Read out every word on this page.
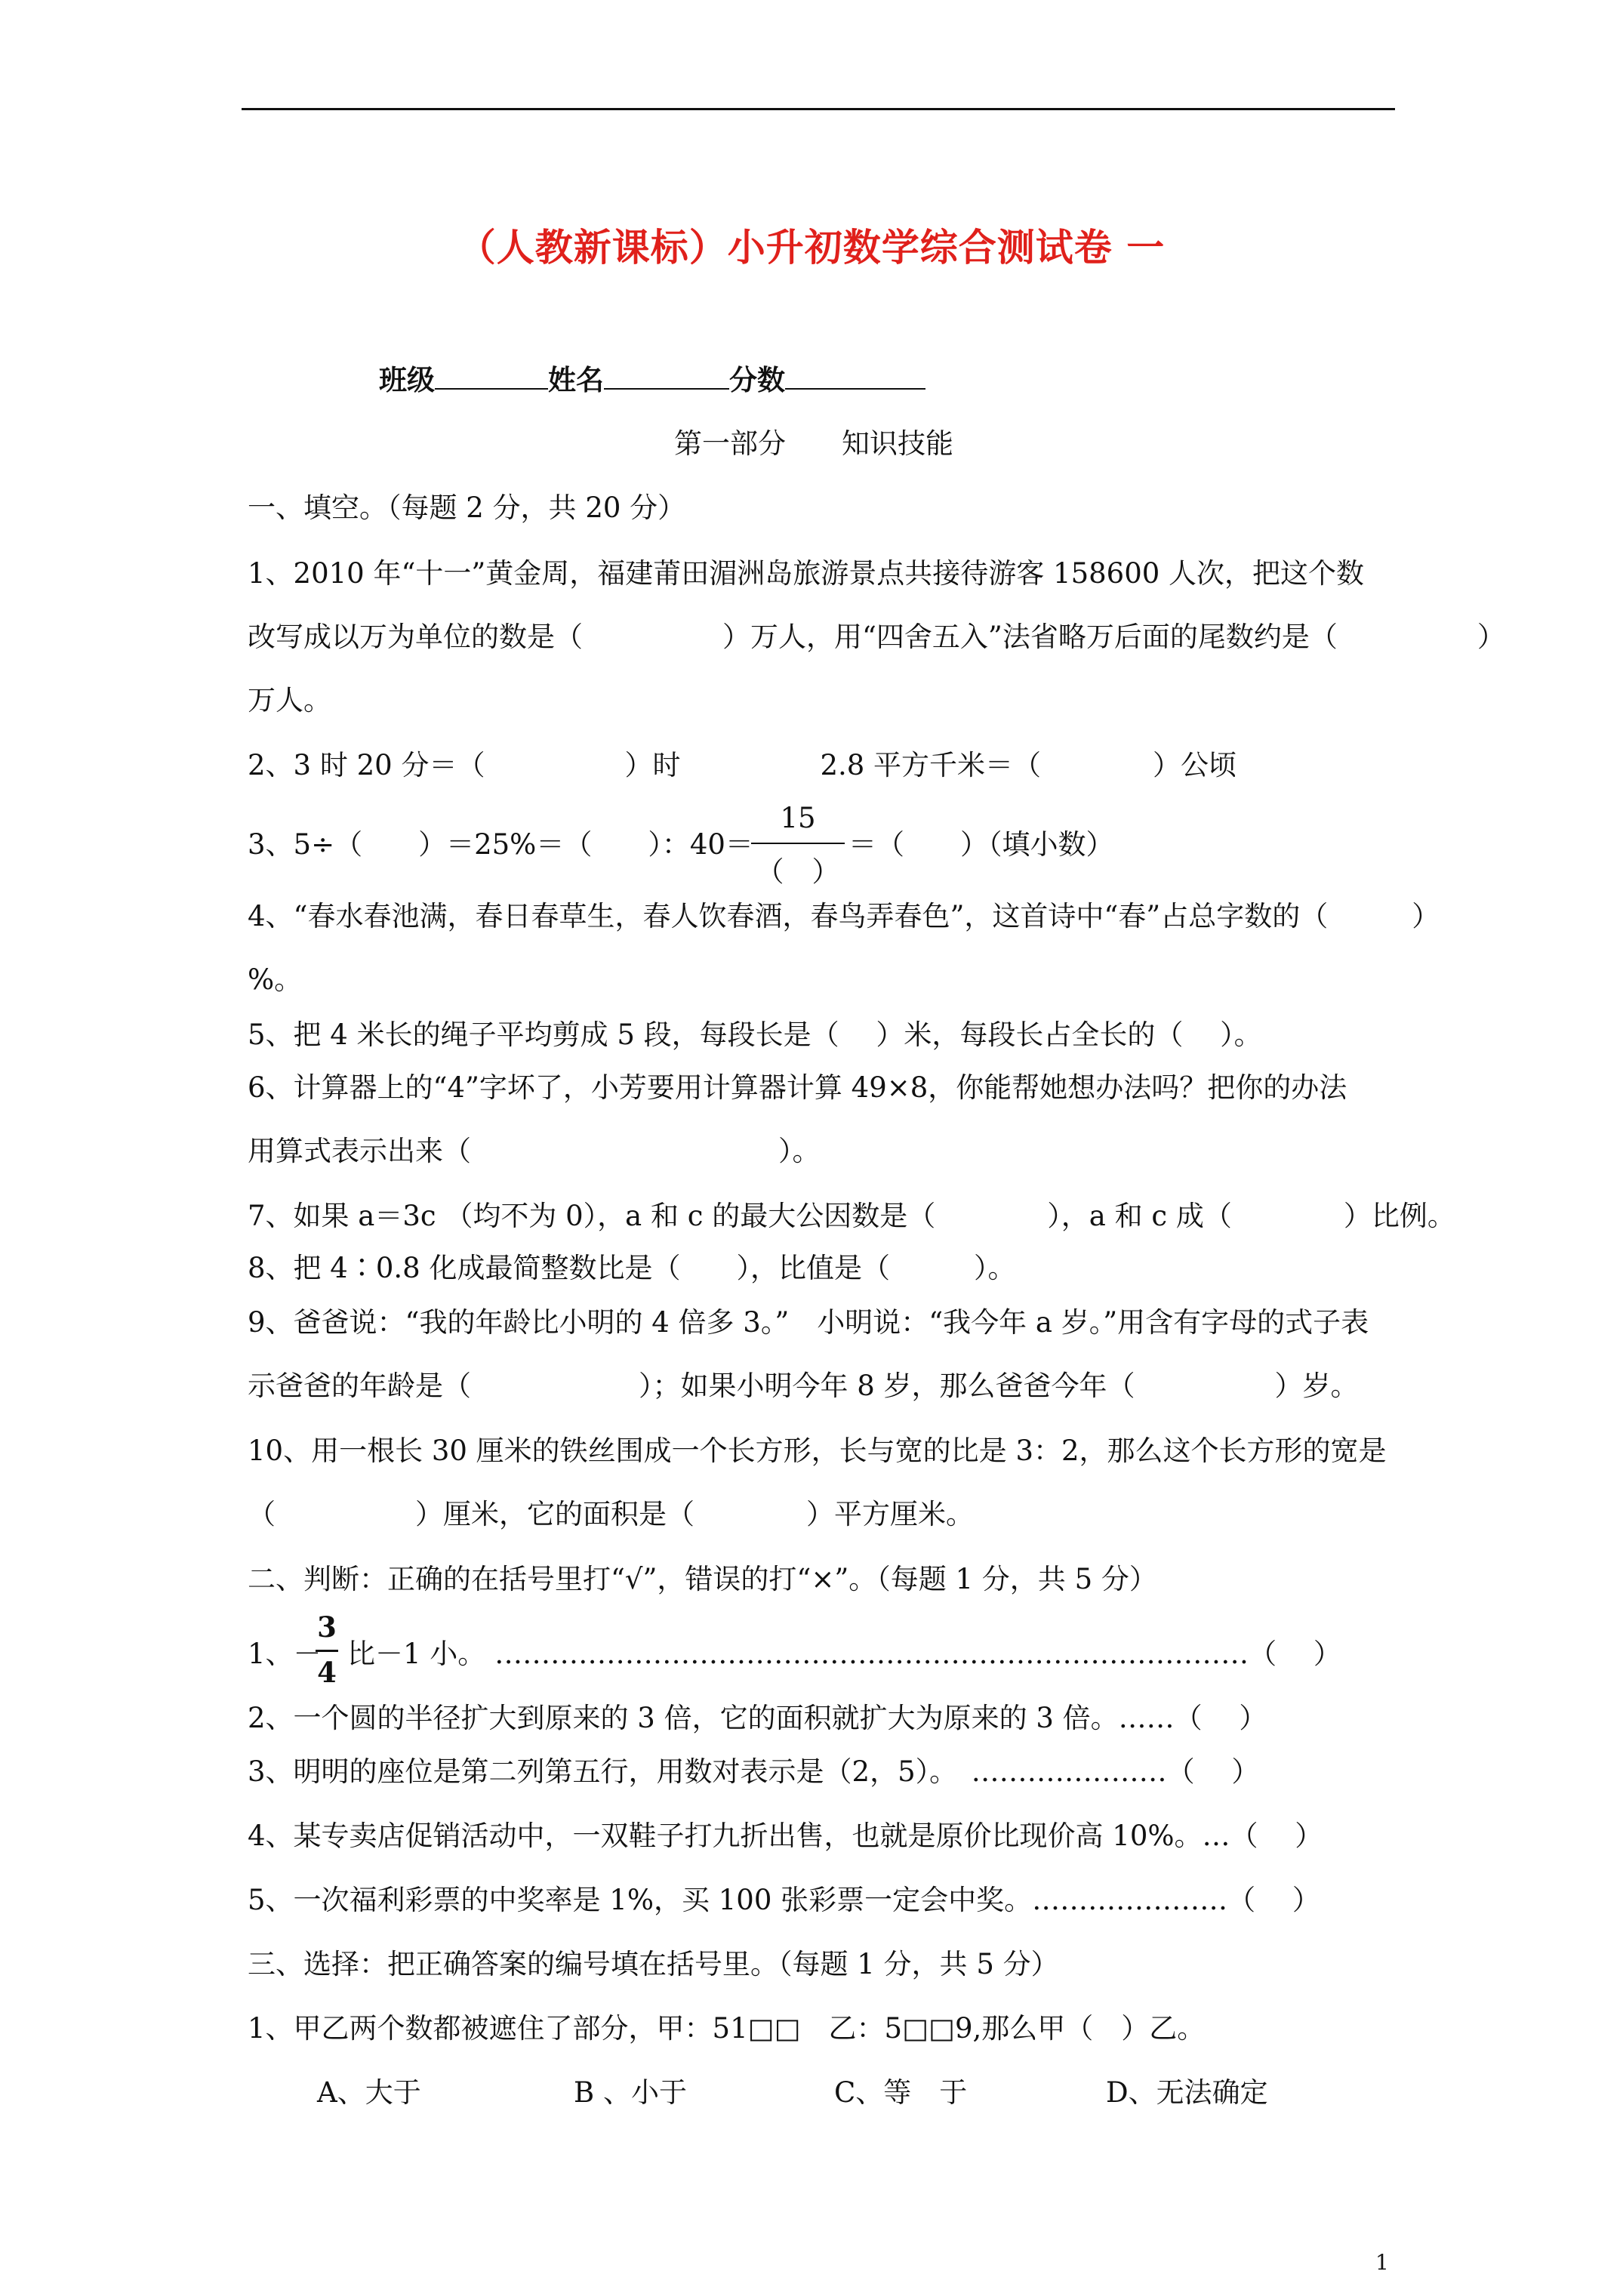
（人教新课标）小升初数学综合测试卷 一
班级	姓名	分数
第一部分　　知识技能
一、填空。（每题 2 分，共 20 分）
1、2010 年“十一”黄金周，福建莆田湄洲岛旅游景点共接待游客 158600 人次，把这个数
改写成以万为单位的数是（　　　　　）万人，用“四舍五入”法省略万后面的尾数约是（　　　　　）
万人。
2、3 时 20 分＝（　　　　　）时　　　　　2.8 平方千米＝（　　　　）公顷
3、5÷（　　）＝25%＝（　　）：40＝
15
（　）
＝（　　）（填小数）
4、“春水春池满，春日春草生，春人饮春酒，春鸟弄春色”，这首诗中“春”占总字数的（　　　）
%。
5、把 4 米长的绳子平均剪成 5 段，每段长是（　 ）米，每段长占全长的（　 ）。
6、计算器上的“4”字坏了，小芳要用计算器计算 49×8，你能帮她想办法吗？把你的办法
用算式表示出来（　　　　　　　　　　　）。
7、如果 a＝3c （均不为 0），a 和 c 的最大公因数是（　　　　），a 和 c 成（　　　　）比例。
8、把 4∶0.8 化成最简整数比是（　　），比值是（　　　）。
9、爸爸说：“我的年龄比小明的 4 倍多 3。”　小明说：“我今年 a 岁。”用含有字母的式子表
示爸爸的年龄是（　　　　　　）；如果小明今年 8 岁，那么爸爸今年（　　　　　）岁。
10、用一根长 30 厘米的铁丝围成一个长方形，长与宽的比是 3：2，那么这个长方形的宽是
（　　　　　）厘米，它的面积是（　　　　）平方厘米。
二、判断：正确的在括号里打“√”，错误的打“×”。（每题 1 分，共 5 分）
1、－
3
4
比－1 小。 ………………………………………………………………………（　 ）
2、一个圆的半径扩大到原来的 3 倍，它的面积就扩大为原来的 3 倍。……（　 ）
3、明明的座位是第二列第五行，用数对表示是（2，5）。　…………………（　 ）
4、某专卖店促销活动中，一双鞋子打九折出售，也就是原价比现价高 10%。…（　 ）
5、一次福利彩票的中奖率是 1%，买 100 张彩票一定会中奖。…………………（　 ）
三、选择：把正确答案的编号填在括号里。（每题 1 分，共 5 分）
1、甲乙两个数都被遮住了部分，甲：51□□　乙：5□□9,那么甲（　）乙。
A、大于	B 、小于	C、等　于	D、无法确定
1
